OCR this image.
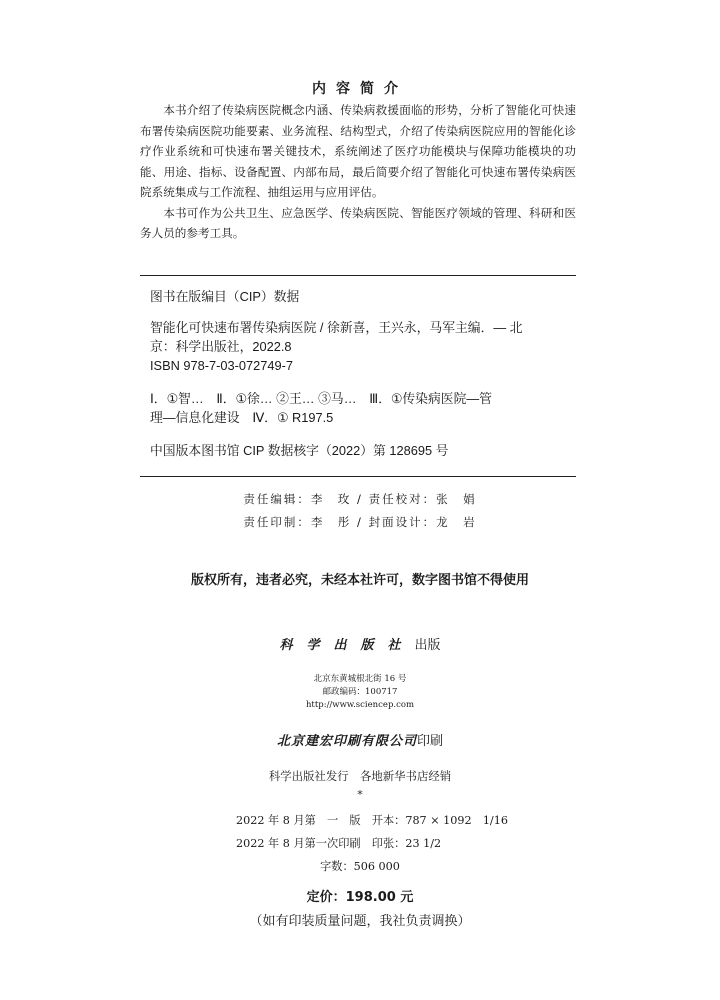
内容简介

本书介绍了传染病医院概念内涵、传染病救援面临的形势，分析了智能化可快速布署传染病医院功能要素、业务流程、结构型式，介绍了传染病医院应用的智能化诊疗作业系统和可快速布署关键技术，系统阐述了医疗功能模块与保障功能模块的功能、用途、指标、设备配置、内部布局，最后简要介绍了智能化可快速布署传染病医院系统集成与工作流程、抽组运用与应用评估。

本书可作为公共卫生、应急医学、传染病医院、智能医疗领域的管理、科研和医务人员的参考工具。

图书在版编目（CIP）数据
智能化可快速布署传染病医院 / 徐新喜，王兴永，马军主编．— 北
京：科学出版社，2022.8
ISBN 978-7-03-072749-7
Ⅰ．①智…　Ⅱ．①徐… ②王… ③马…　Ⅲ．①传染病医院—管
理—信息化建设　Ⅳ．① R197.5
中国版本图书馆 CIP 数据核字（2022）第 128695 号
责任编辑：李　玫 / 责任校对：张　娟
责任印制：李　彤 / 封面设计：龙　岩
版权所有，违者必究，未经本社许可，数字图书馆不得使用
科学出版社出版
北京东黄城根北街 16 号
邮政编码：100717
http://www.sciencep.com
北京建宏印刷有限公司印刷
科学出版社发行　各地新华书店经销
*
2022 年 8 月第　一　版　开本：787 × 1092　1/16
2022 年 8 月第一次印刷　印张：23 1/2
字数：506 000
定价：198.00 元
（如有印装质量问题，我社负责调换）
